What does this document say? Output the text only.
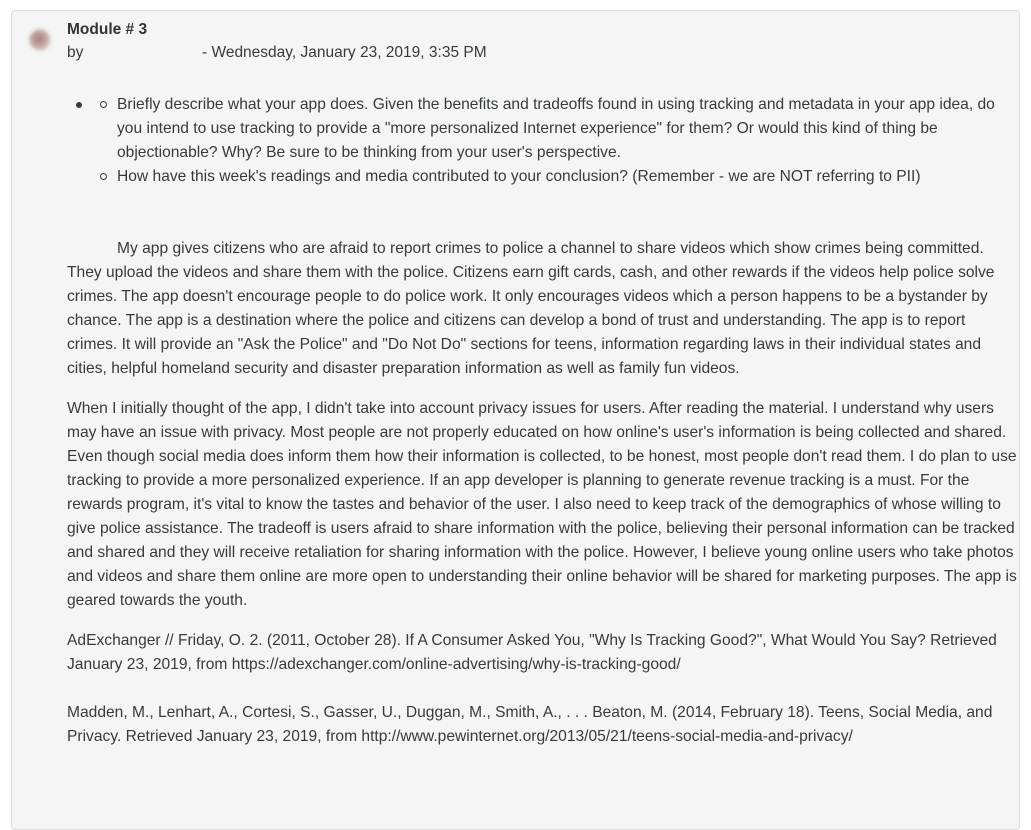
Module # 3
by	- Wednesday, January 23, 2019, 3:35 PM
Briefly describe what your app does. Given the benefits and tradeoffs found in using tracking and metadata in your app idea, do you intend to use tracking to provide a "more personalized Internet experience" for them? Or would this kind of thing be objectionable? Why? Be sure to be thinking from your user's perspective.
How have this week's readings and media contributed to your conclusion? (Remember - we are NOT referring to PII)

My app gives citizens who are afraid to report crimes to police a channel to share videos which show crimes being committed. They upload the videos and share them with the police. Citizens earn gift cards, cash, and other rewards if the videos help police solve crimes. The app doesn't encourage people to do police work. It only encourages videos which a person happens to be a bystander by chance. The app is a destination where the police and citizens can develop a bond of trust and understanding. The app is to report crimes. It will provide an "Ask the Police" and "Do Not Do" sections for teens, information regarding laws in their individual states and cities, helpful homeland security and disaster preparation information as well as family fun videos.

When I initially thought of the app, I didn't take into account privacy issues for users. After reading the material. I understand why users may have an issue with privacy. Most people are not properly educated on how online's user's information is being collected and shared. Even though social media does inform them how their information is collected, to be honest, most people don't read them. I do plan to use tracking to provide a more personalized experience. If an app developer is planning to generate revenue tracking is a must. For the rewards program, it's vital to know the tastes and behavior of the user. I also need to keep track of the demographics of whose willing to give police assistance. The tradeoff is users afraid to share information with the police, believing their personal information can be tracked and shared and they will receive retaliation for sharing information with the police. However, I believe young online users who take photos and videos and share them online are more open to understanding their online behavior will be shared for marketing purposes. The app is geared towards the youth.

AdExchanger // Friday, O. 2. (2011, October 28). If A Consumer Asked You, "Why Is Tracking Good?", What Would You Say? Retrieved January 23, 2019, from https://adexchanger.com/online-advertising/why-is-tracking-good/

Madden, M., Lenhart, A., Cortesi, S., Gasser, U., Duggan, M., Smith, A., . . . Beaton, M. (2014, February 18). Teens, Social Media, and Privacy. Retrieved January 23, 2019, from http://www.pewinternet.org/2013/05/21/teens-social-media-and-privacy/
